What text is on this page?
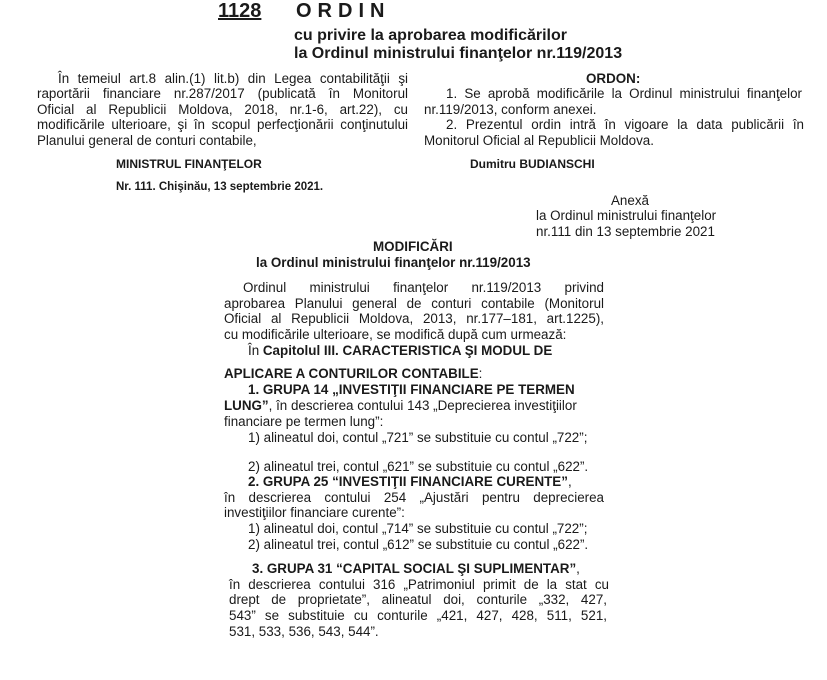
1128 ORDIN
cu privire la aprobarea modificărilor
la Ordinul ministrului finanţelor nr.119/2013
În temeiul art.8 alin.(1) lit.b) din Legea contabilităţii şi
raportării financiare nr.287/2017 (publicată în Monitorul
Oficial al Republicii Moldova, 2018, nr.1-6, art.22), cu
modificările ulterioare, şi în scopul perfecţionării conţinutului
Planului general de conturi contabile,
MINISTRUL FINANŢELOR
Nr. 111. Chişinău, 13 septembrie 2021.
ORDON:
1. Se aprobă modificările la Ordinul ministrului finanţelor
nr.119/2013, conform anexei.
2. Prezentul ordin intră în vigoare la data publicării în
Monitorul Oficial al Republicii Moldova.
Dumitru BUDIANSCHI
Anexă
la Ordinul ministrului finanţelor
nr.111 din 13 septembrie 2021
MODIFICĂRI
la Ordinul ministrului finanţelor nr.119/2013
Ordinul ministrului finanţelor nr.119/2013 privind
aprobarea Planului general de conturi contabile (Monitorul
Oficial al Republicii Moldova, 2013, nr.177–181, art.1225),
cu modificările ulterioare, se modifică după cum urmează:
În Capitolul III. CARACTERISTICA ŞI MODUL DE
APLICARE A CONTURILOR CONTABILE:
1. GRUPA 14 „INVESTIŢII FINANCIARE PE TERMEN
LUNG”, în descrierea contului 143 „Deprecierea investiţiilor
financiare pe termen lung”:
1) alineatul doi, contul „721” se substituie cu contul „722”;
2) alineatul trei, contul „621” se substituie cu contul „622”.
2. GRUPA 25 “INVESTIŢII FINANCIARE CURENTE”,
în descrierea contului 254 „Ajustări pentru deprecierea
investiţiilor financiare curente”:
1) alineatul doi, contul „714” se substituie cu contul „722”;
2) alineatul trei, contul „612” se substituie cu contul „622”.
3. GRUPA 31 “CAPITAL SOCIAL ŞI SUPLIMENTAR”,
în descrierea contului 316 „Patrimoniul primit de la stat cu
drept de proprietate”, alineatul doi, conturile „332, 427,
543” se substituie cu conturile „421, 427, 428, 511, 521,
531, 533, 536, 543, 544”.
